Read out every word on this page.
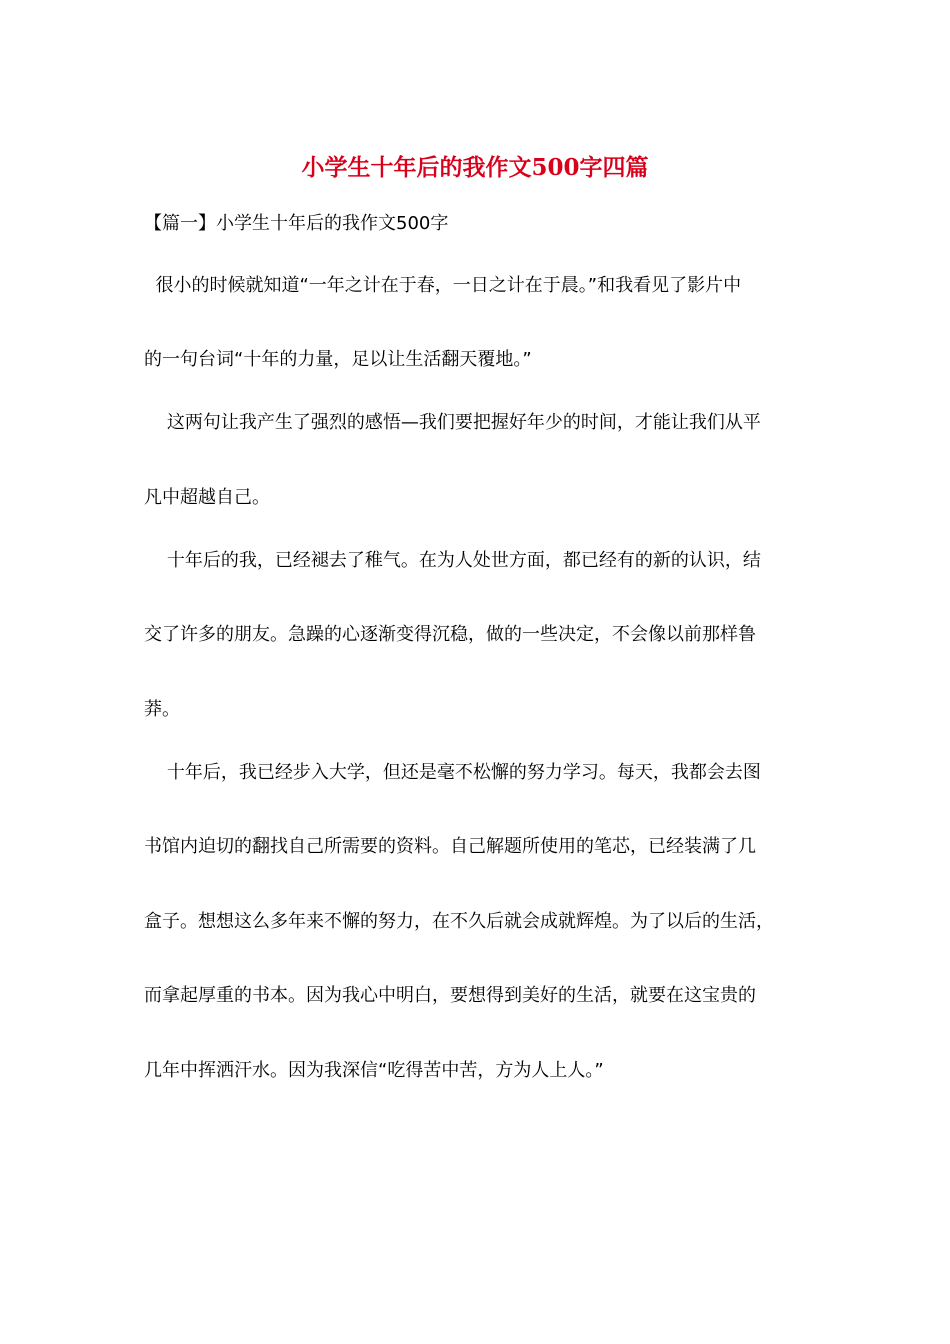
小学生十年后的我作文500字四篇

【篇一】小学生十年后的我作文500字

很小的时候就知道“一年之计在于春，一日之计在于晨。”和我看见了影片中

的一句台词“十年的力量，足以让生活翻天覆地。”

这两句让我产生了强烈的感悟—我们要把握好年少的时间，才能让我们从平

凡中超越自己。

十年后的我，已经褪去了稚气。在为人处世方面，都已经有的新的认识，结

交了许多的朋友。急躁的心逐渐变得沉稳，做的一些决定，不会像以前那样鲁

莽。

十年后，我已经步入大学，但还是毫不松懈的努力学习。每天，我都会去图

书馆内迫切的翻找自己所需要的资料。自己解题所使用的笔芯，已经装满了几

盒子。想想这么多年来不懈的努力，在不久后就会成就辉煌。为了以后的生活，

而拿起厚重的书本。因为我心中明白，要想得到美好的生活，就要在这宝贵的

几年中挥洒汗水。因为我深信“吃得苦中苦，方为人上人。”
